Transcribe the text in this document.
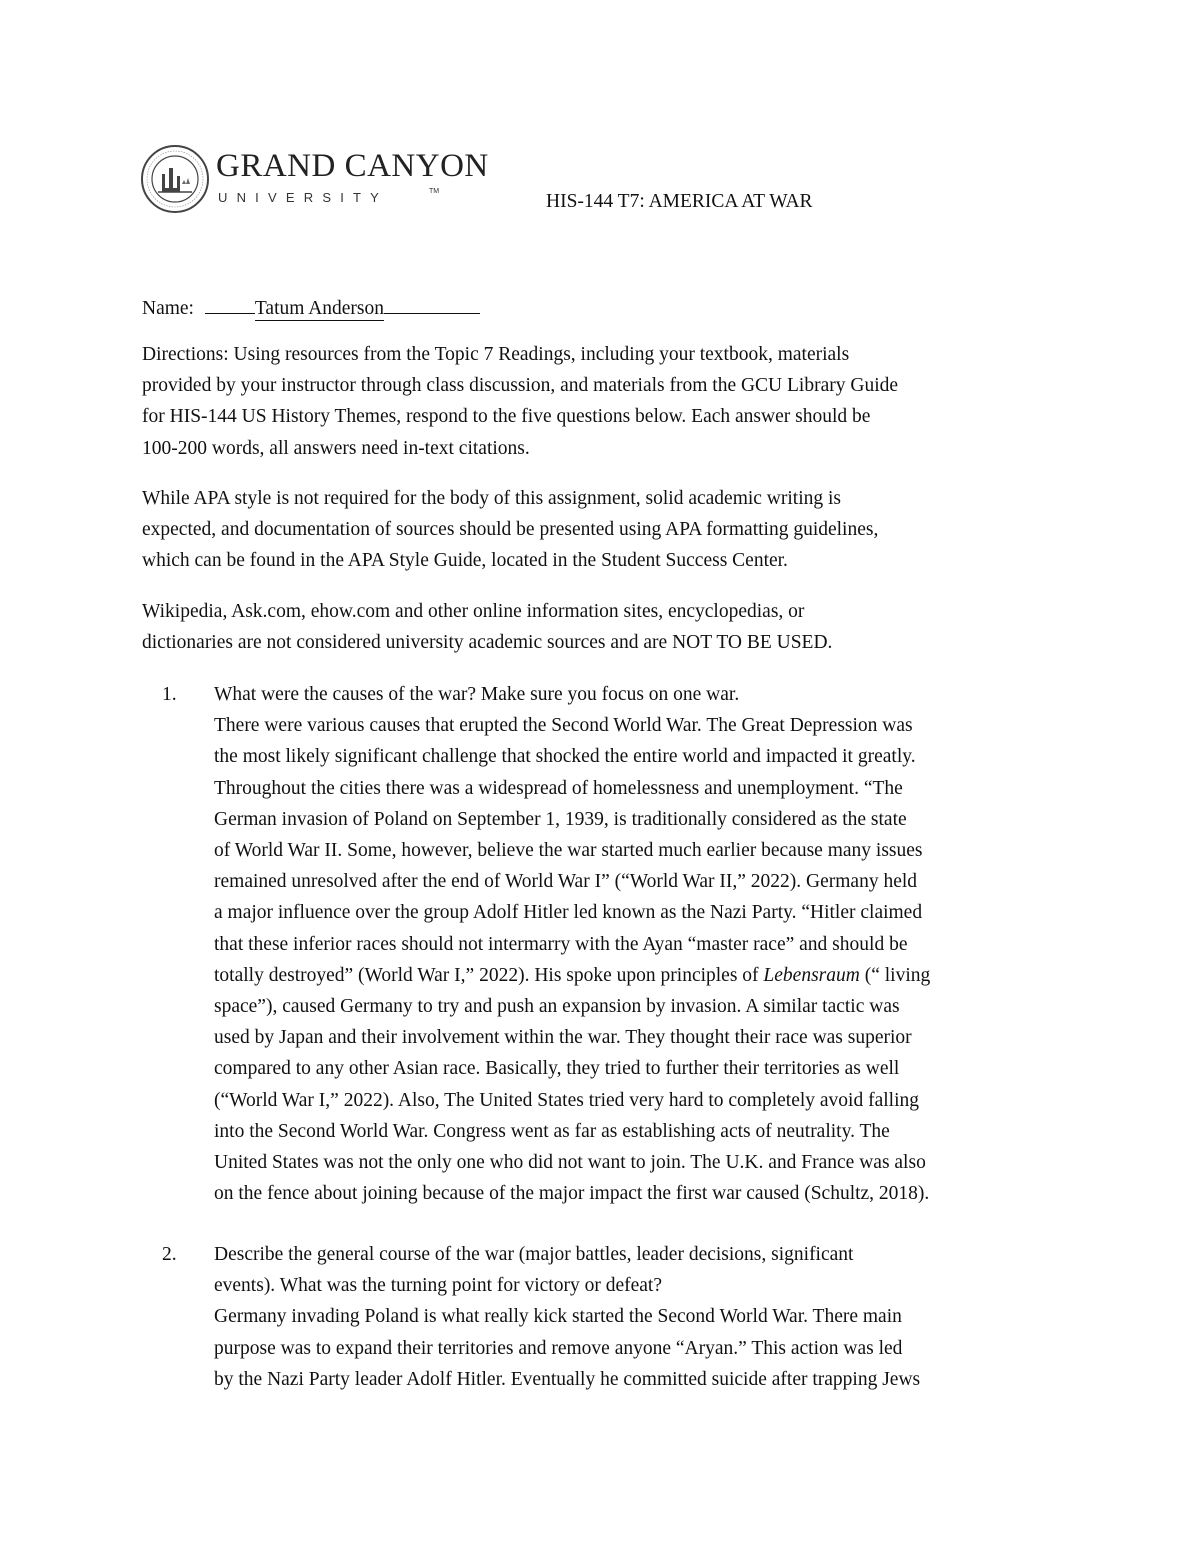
GRAND CANYON
UNIVERSITY	TM	HIS-144 T7: AMERICA AT WAR
Name:	Tatum Anderson
Directions: Using resources from the Topic 7 Readings, including your textbook, materials
provided by your instructor through class discussion, and materials from the GCU Library Guide
for HIS-144 US History Themes, respond to the five questions below. Each answer should be
100-200 words, all answers need in-text citations.
While APA style is not required for the body of this assignment, solid academic writing is
expected, and documentation of sources should be presented using APA formatting guidelines,
which can be found in the APA Style Guide, located in the Student Success Center.
Wikipedia, Ask.com, ehow.com and other online information sites, encyclopedias, or
dictionaries are not considered university academic sources and are NOT TO BE USED.
1. What were the causes of the war? Make sure you focus on one war.
There were various causes that erupted the Second World War. The Great Depression was
the most likely significant challenge that shocked the entire world and impacted it greatly.
Throughout the cities there was a widespread of homelessness and unemployment. “The
German invasion of Poland on September 1, 1939, is traditionally considered as the state
of World War II. Some, however, believe the war started much earlier because many issues
remained unresolved after the end of World War I” (“World War II,” 2022). Germany held
a major influence over the group Adolf Hitler led known as the Nazi Party. “Hitler claimed
that these inferior races should not intermarry with the Ayan “master race” and should be
totally destroyed” (World War I,” 2022). His spoke upon principles of Lebensraum (“ living
space”), caused Germany to try and push an expansion by invasion. A similar tactic was
used by Japan and their involvement within the war. They thought their race was superior
compared to any other Asian race. Basically, they tried to further their territories as well
(“World War I,” 2022). Also, The United States tried very hard to completely avoid falling
into the Second World War. Congress went as far as establishing acts of neutrality. The
United States was not the only one who did not want to join. The U.K. and France was also
on the fence about joining because of the major impact the first war caused (Schultz, 2018).
2. Describe the general course of the war (major battles, leader decisions, significant
events). What was the turning point for victory or defeat?
Germany invading Poland is what really kick started the Second World War. There main
purpose was to expand their territories and remove anyone “Aryan.” This action was led
by the Nazi Party leader Adolf Hitler. Eventually he committed suicide after trapping Jews
